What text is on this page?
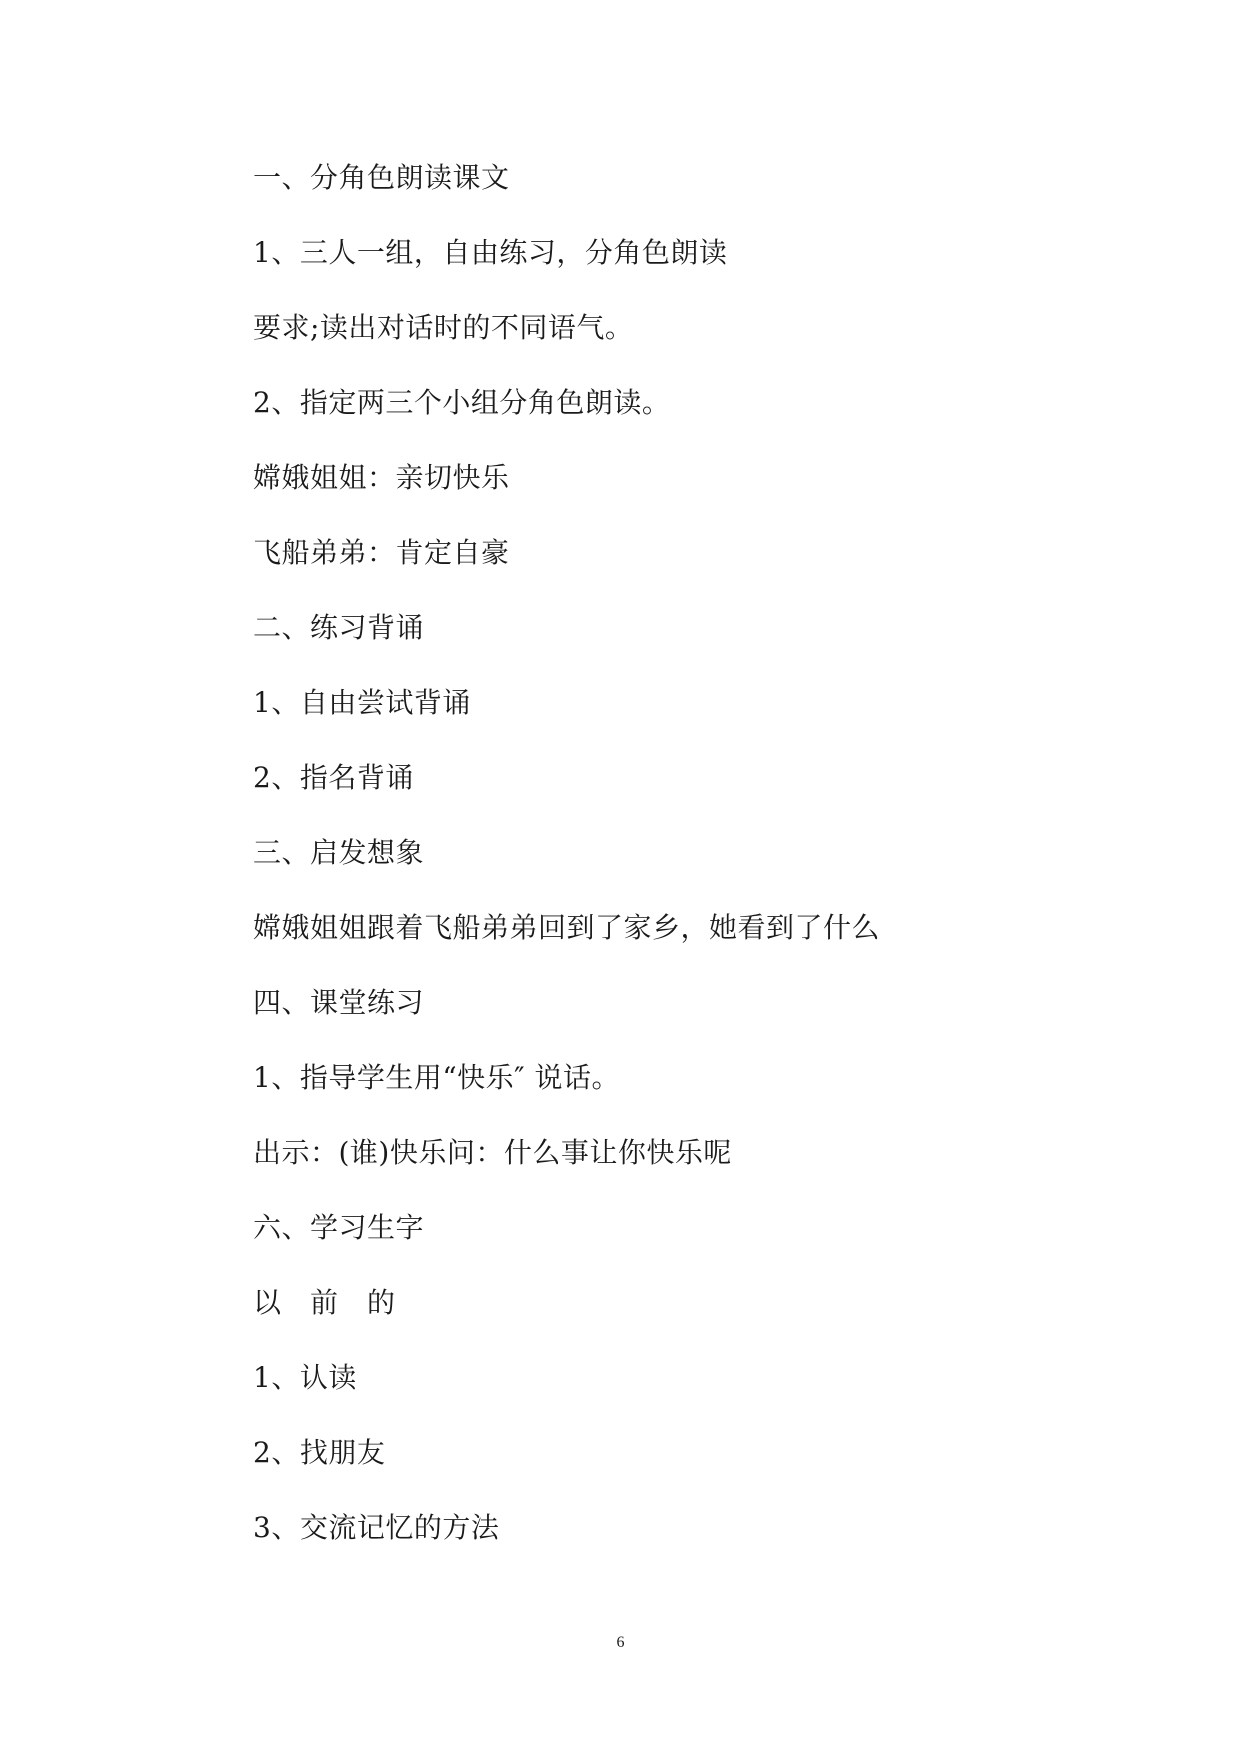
一、分角色朗读课文
1、三人一组，自由练习，分角色朗读
要求;读出对话时的不同语气。
2、指定两三个小组分角色朗读。
嫦娥姐姐：亲切快乐
飞船弟弟：肯定自豪
二、练习背诵
1、自由尝试背诵
2、指名背诵
三、启发想象
嫦娥姐姐跟着飞船弟弟回到了家乡，她看到了什么
四、课堂练习
1、指导学生用“快乐″ 说话。
出示：(谁)快乐问：什么事让你快乐呢
六、学习生字
以　前　的
1、认读
2、找朋友
3、交流记忆的方法
6
